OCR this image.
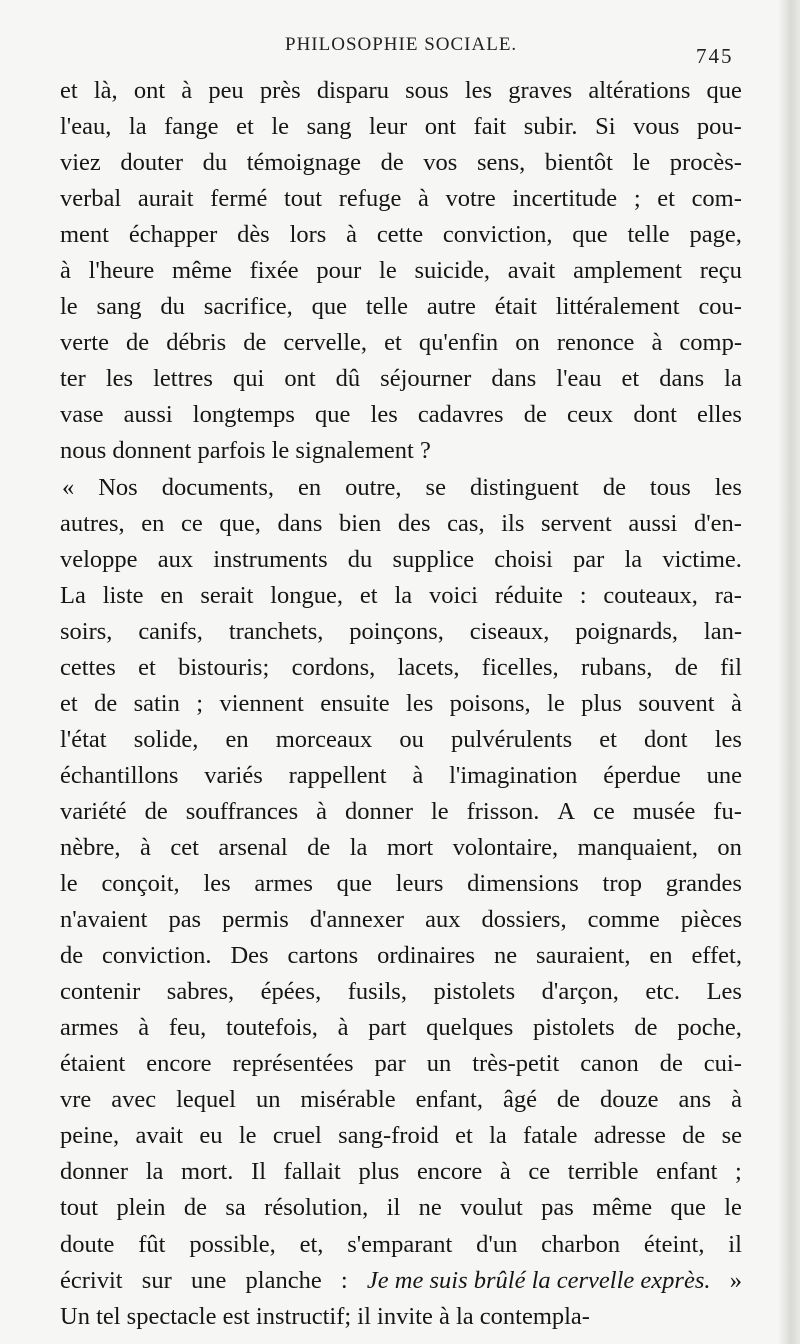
PHILOSOPHIE SOCIALE.	745
et là, ont à peu près disparu sous les graves altérations que
l'eau, la fange et le sang leur ont fait subir. Si vous pou-
viez douter du témoignage de vos sens, bientôt le procès-
verbal aurait fermé tout refuge à votre incertitude ; et com-
ment échapper dès lors à cette conviction, que telle page,
à l'heure même fixée pour le suicide, avait amplement reçu
le sang du sacrifice, que telle autre était littéralement cou-
verte de débris de cervelle, et qu'enfin on renonce à comp-
ter les lettres qui ont dû séjourner dans l'eau et dans la
vase aussi longtemps que les cadavres de ceux dont elles
nous donnent parfois le signalement ?
« Nos documents, en outre, se distinguent de tous les
autres, en ce que, dans bien des cas, ils servent aussi d'en-
veloppe aux instruments du supplice choisi par la victime.
La liste en serait longue, et la voici réduite : couteaux, ra-
soirs, canifs, tranchets, poinçons, ciseaux, poignards, lan-
cettes et bistouris; cordons, lacets, ficelles, rubans, de fil
et de satin ; viennent ensuite les poisons, le plus souvent à
l'état solide, en morceaux ou pulvérulents et dont les
échantillons variés rappellent à l'imagination éperdue une
variété de souffrances à donner le frisson. A ce musée fu-
nèbre, à cet arsenal de la mort volontaire, manquaient, on
le conçoit, les armes que leurs dimensions trop grandes
n'avaient pas permis d'annexer aux dossiers, comme pièces
de conviction. Des cartons ordinaires ne sauraient, en effet,
contenir sabres, épées, fusils, pistolets d'arçon, etc. Les
armes à feu, toutefois, à part quelques pistolets de poche,
étaient encore représentées par un très-petit canon de cui-
vre avec lequel un misérable enfant, âgé de douze ans à
peine, avait eu le cruel sang-froid et la fatale adresse de se
donner la mort. Il fallait plus encore à ce terrible enfant ;
tout plein de sa résolution, il ne voulut pas même que le
doute fût possible, et, s'emparant d'un charbon éteint, il
écrivit sur une planche : Je me suis brûlé la cervelle exprès. »
Un tel spectacle est instructif; il invite à la contempla-
